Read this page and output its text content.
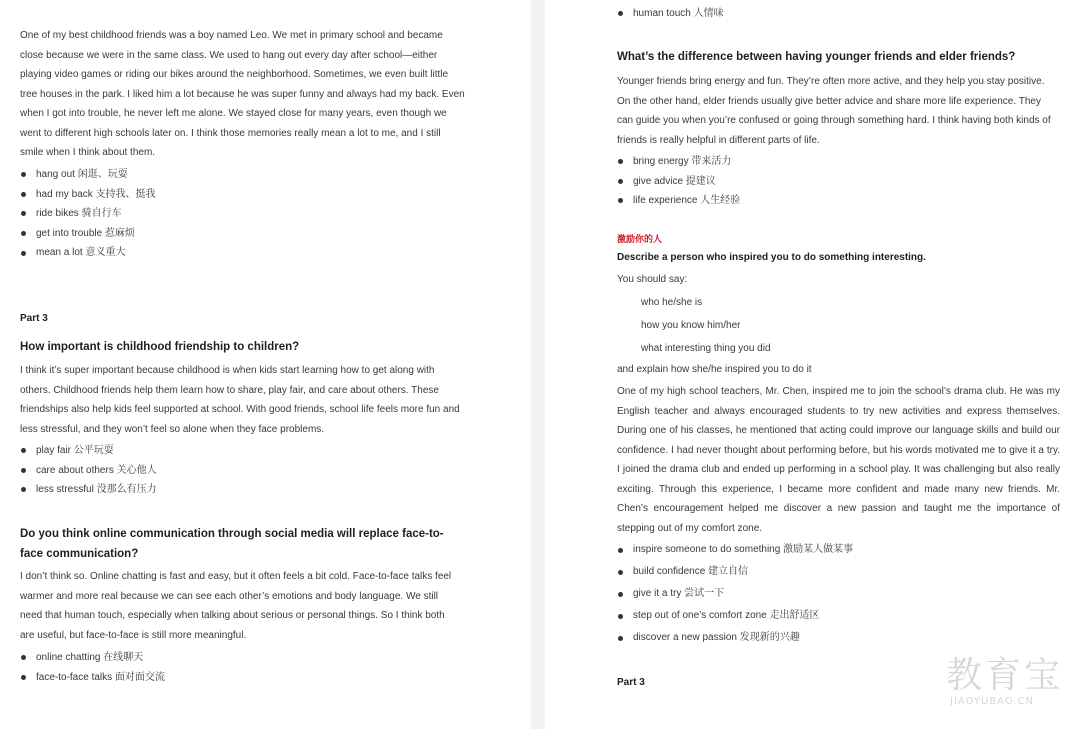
One of my best childhood friends was a boy named Leo. We met in primary school and became close because we were in the same class. We used to hang out every day after school—either playing video games or riding our bikes around the neighborhood. Sometimes, we even built little tree houses in the park. I liked him a lot because he was super funny and always had my back. Even when I got into trouble, he never left me alone. We stayed close for many years, even though we went to different high schools later on. I think those memories really mean a lot to me, and I still smile when I think about them.

hang out 闲逛、玩耍
had my back 支持我、挺我
ride bikes 骑自行车
get into trouble 惹麻烦
mean a lot 意义重大
Part 3
How important is childhood friendship to children?

I think it’s super important because childhood is when kids start learning how to get along with others. Childhood friends help them learn how to share, play fair, and care about others. These friendships also help kids feel supported at school. With good friends, school life feels more fun and less stressful, and they won’t feel so alone when they face problems.

play fair 公平玩耍
care about others 关心他人
less stressful 没那么有压力
Do you think online communication through social media will replace face-to-face communication?

I don’t think so. Online chatting is fast and easy, but it often feels a bit cold. Face-to-face talks feel warmer and more real because we can see each other’s emotions and body language. We still need that human touch, especially when talking about serious or personal things. So I think both are useful, but face-to-face is still more meaningful.

online chatting 在线聊天
face-to-face talks 面对面交流
human touch 人情味
What’s the difference between having younger friends and elder friends?

Younger friends bring energy and fun. They’re often more active, and they help you stay positive. On the other hand, elder friends usually give better advice and share more life experience. They can guide you when you’re confused or going through something hard. I think having both kinds of friends is really helpful in different parts of life.

bring energy 带来活力
give advice 提建议
life experience 人生经验
激励你的人
Describe a person who inspired you to do something interesting.
You should say:
who he/she is
how you know him/her
what interesting thing you did
and explain how she/he inspired you to do it

One of my high school teachers, Mr. Chen, inspired me to join the school’s drama club. He was my English teacher and always encouraged students to try new activities and express themselves. During one of his classes, he mentioned that acting could improve our language skills and build our confidence. I had never thought about performing before, but his words motivated me to give it a try. I joined the drama club and ended up performing in a school play. It was challenging but also really exciting. Through this experience, I became more confident and made many new friends. Mr. Chen’s encouragement helped me discover a new passion and taught me the importance of stepping out of my comfort zone.

inspire someone to do something 激励某人做某事
build confidence 建立自信
give it a try 尝试一下
step out of one’s comfort zone 走出舒适区
discover a new passion 发现新的兴趣
Part 3	教育宝
JIAOYUBAO.CN
